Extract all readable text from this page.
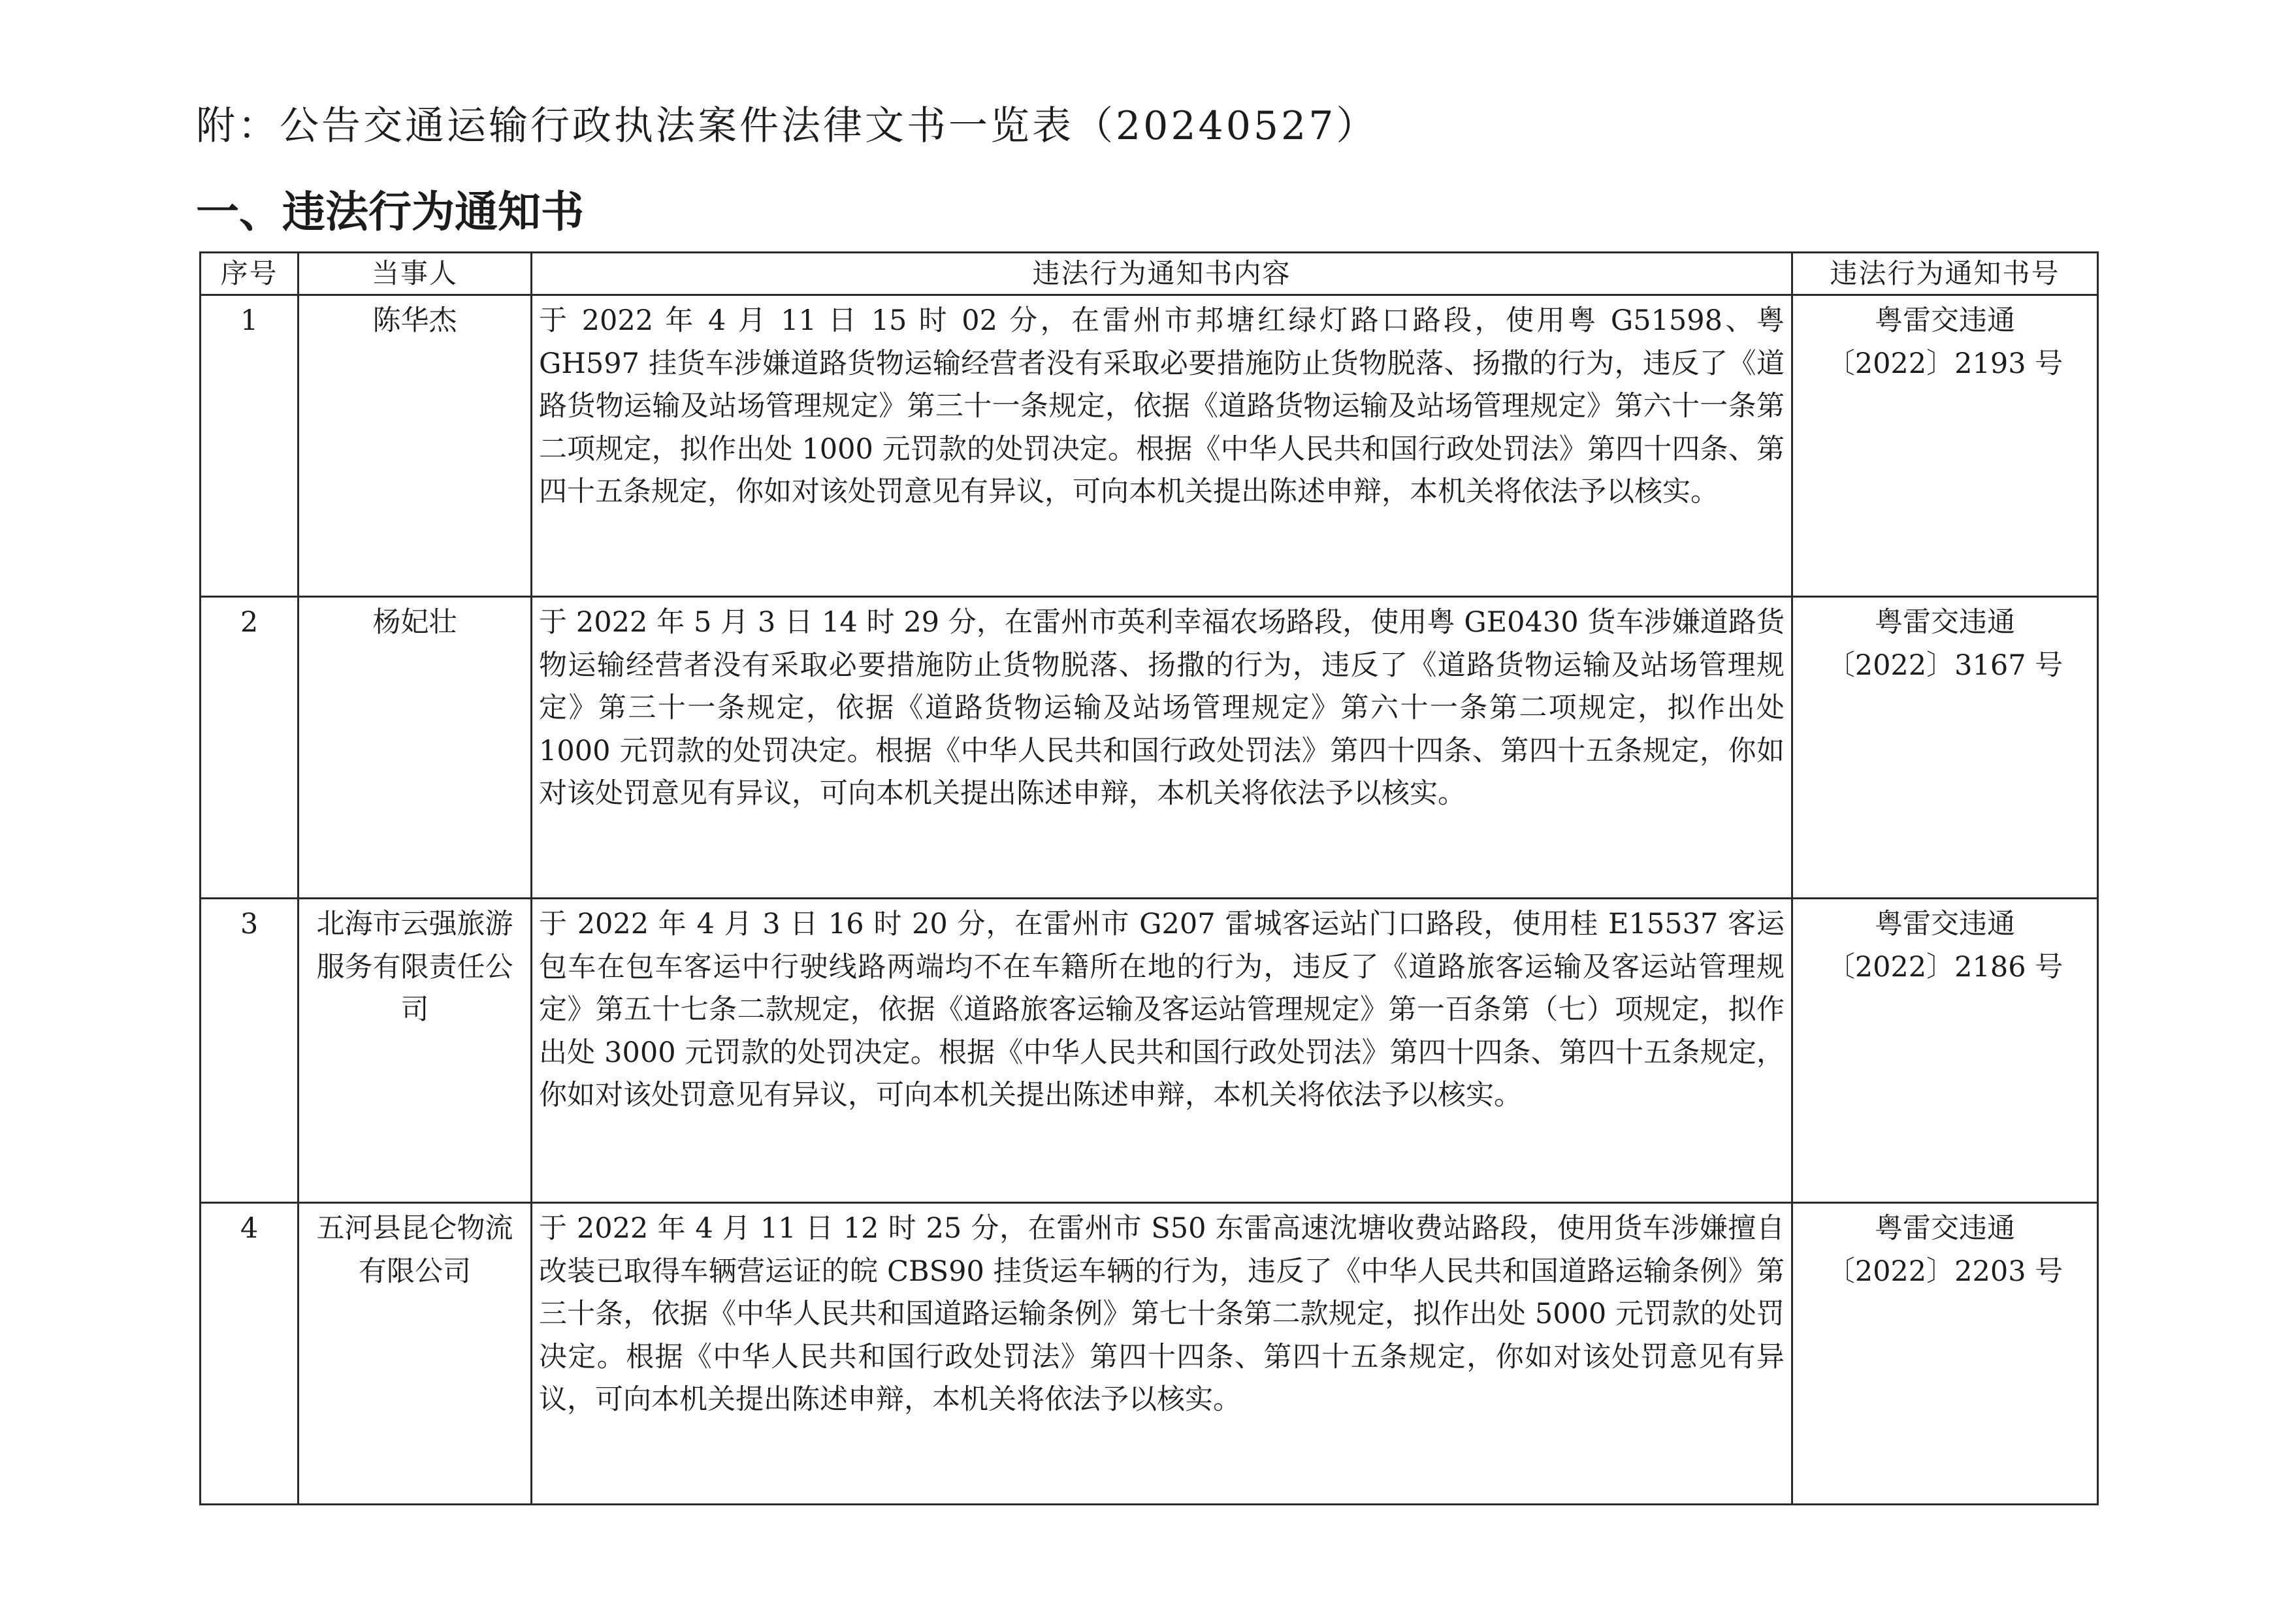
附：公告交通运输行政执法案件法律文书一览表（20240527）
一、违法行为通知书
序号	当事人	违法行为通知书内容	违法行为通知书号
1	陈华杰	于 2022 年 4 月 11 日 15 时 02 分，在雷州市邦塘红绿灯路口路段，使用粤 G51598、粤 GH597 挂货车涉嫌道路货物运输经营者没有采取必要措施防止货物脱落、扬撒的行为，违反了《道路货物运输及站场管理规定》第三十一条规定，依据《道路货物运输及站场管理规定》第六十一条第二项规定，拟作出处 1000 元罚款的处罚决定。根据《中华人民共和国行政处罚法》第四十四条、第四十五条规定，你如对该处罚意见有异议，可向本机关提出陈述申辩，本机关将依法予以核实。	粤雷交违通
〔2022〕2193 号

2	杨妃壮	于 2022 年 5 月 3 日 14 时 29 分，在雷州市英利幸福农场路段，使用粤 GE0430 货车涉嫌道路货物运输经营者没有采取必要措施防止货物脱落、扬撒的行为，违反了《道路货物运输及站场管理规定》第三十一条规定，依据《道路货物运输及站场管理规定》第六十一条第二项规定，拟作出处 1000 元罚款的处罚决定。根据《中华人民共和国行政处罚法》第四十四条、第四十五条规定，你如对该处罚意见有异议，可向本机关提出陈述申辩，本机关将依法予以核实。	粤雷交违通
〔2022〕3167 号

3	北海市云强旅游服务有限责任公司	于 2022 年 4 月 3 日 16 时 20 分，在雷州市 G207 雷城客运站门口路段，使用桂 E15537 客运包车在包车客运中行驶线路两端均不在车籍所在地的行为，违反了《道路旅客运输及客运站管理规定》第五十七条二款规定，依据《道路旅客运输及客运站管理规定》第一百条第（七）项规定，拟作出处 3000 元罚款的处罚决定。根据《中华人民共和国行政处罚法》第四十四条、第四十五条规定，你如对该处罚意见有异议，可向本机关提出陈述申辩，本机关将依法予以核实。	粤雷交违通
〔2022〕2186 号

4	五河县昆仑物流有限公司	于 2022 年 4 月 11 日 12 时 25 分，在雷州市 S50 东雷高速沈塘收费站路段，使用货车涉嫌擅自改装已取得车辆营运证的皖 CBS90 挂货运车辆的行为，违反了《中华人民共和国道路运输条例》第三十条，依据《中华人民共和国道路运输条例》第七十条第二款规定，拟作出处 5000 元罚款的处罚决定。根据《中华人民共和国行政处罚法》第四十四条、第四十五条规定，你如对该处罚意见有异议，可向本机关提出陈述申辩，本机关将依法予以核实。	粤雷交违通
〔2022〕2203 号
